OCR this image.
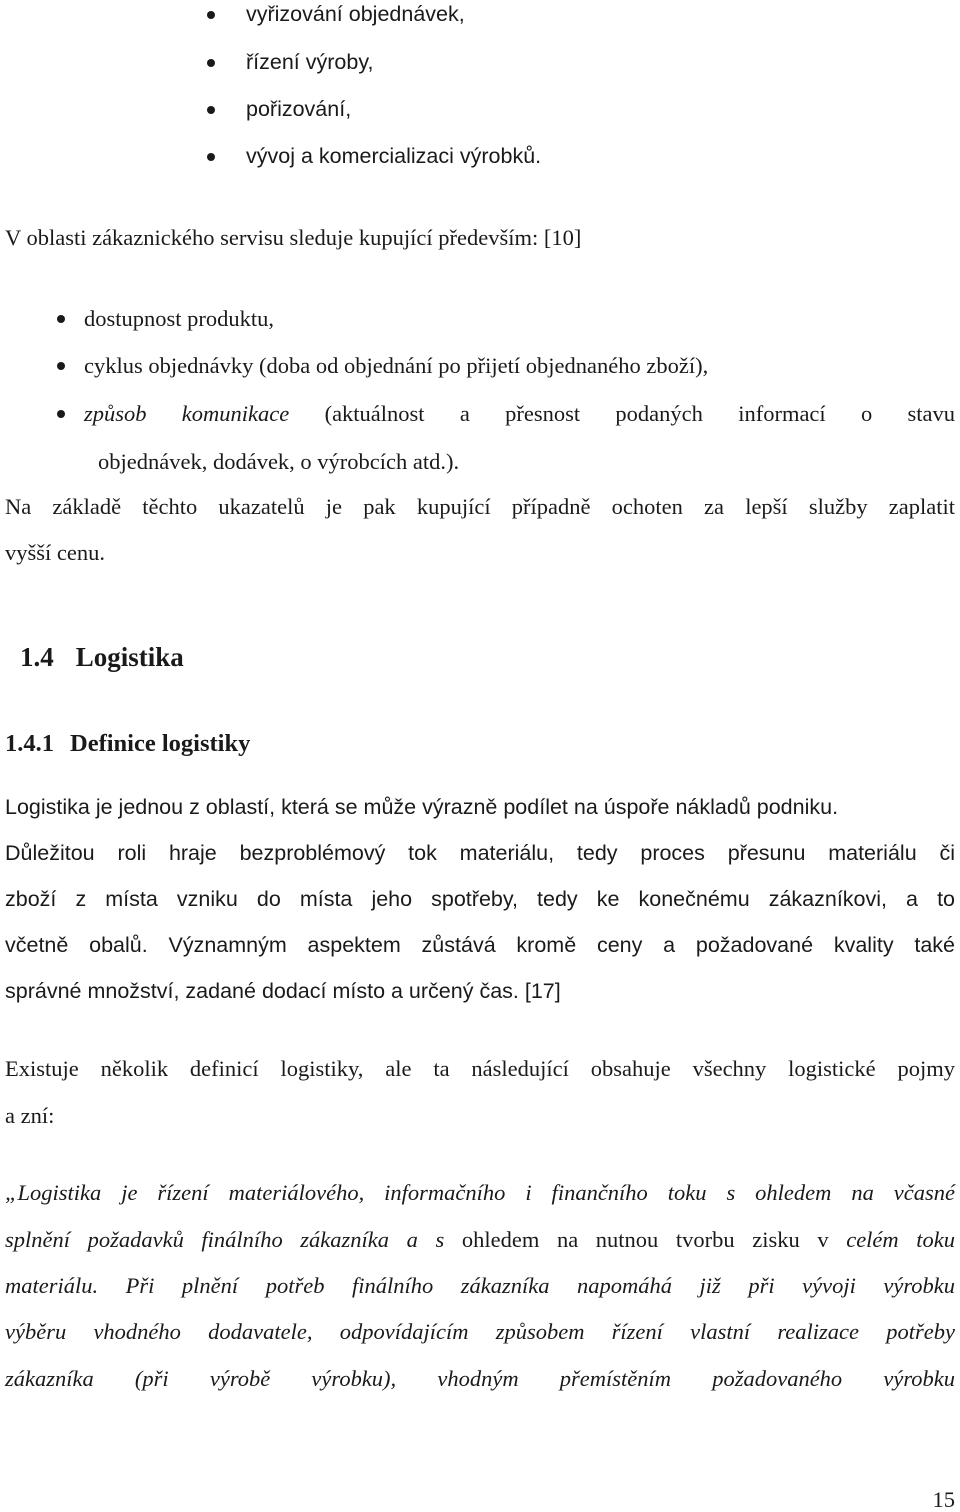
vyřizování objednávek,
řízení výroby,
pořizování,
vývoj a komercializaci výrobků.
V oblasti zákaznického servisu sleduje kupující především: [10]
dostupnost produktu,
cyklus objednávky (doba od objednání po přijetí objednaného zboží),
způsob komunikace (aktuálnost a přesnost podaných informací o stavu
objednávek, dodávek, o výrobcích atd.).
Na základě těchto ukazatelů je pak kupující případně ochoten za lepší služby zaplatit
vyšší cenu.
1.4 Logistika
1.4.1 Definice logistiky
Logistika je jednou z oblastí, která se může výrazně podílet na úspoře nákladů podniku.
Důležitou roli hraje bezproblémový tok materiálu, tedy proces přesunu materiálu či
zboží z místa vzniku do místa jeho spotřeby, tedy ke konečnému zákazníkovi, a to
včetně obalů. Významným aspektem zůstává kromě ceny a požadované kvality také
správné množství, zadané dodací místo a určený čas. [17]
Existuje několik definicí logistiky, ale ta následující obsahuje všechny logistické pojmy
a zní:
„Logistika je řízení materiálového, informačního i finančního toku s ohledem na včasné
splnění požadavků finálního zákazníka a s ohledem na nutnou tvorbu zisku v celém toku
materiálu. Při plnění potřeb finálního zákazníka napomáhá již při vývoji výrobku
výběru vhodného dodavatele, odpovídajícím způsobem řízení vlastní realizace potřeby
zákazníka (při výrobě výrobku), vhodným přemístěním požadovaného výrobku
15
